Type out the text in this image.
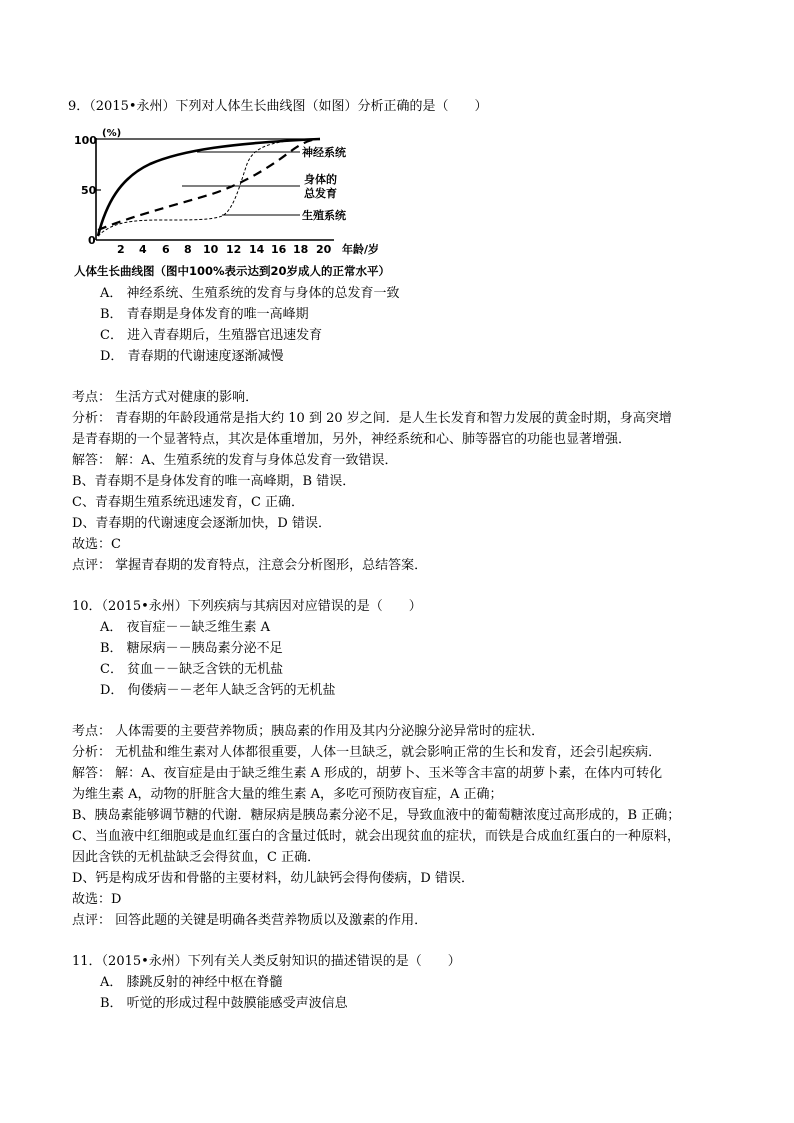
9．（2015•永州）下列对人体生长曲线图（如图）分析正确的是（　　）

100
50
0
(%)
2 4 6 8 10 12 14 16 18 20 年龄/岁
神经系统
身体的
总发育
生殖系统
人体生长曲线图（图中100%表示达到20岁成人的正常水平）

A． 神经系统、生殖系统的发育与身体的总发育一致

B． 青春期是身体发育的唯一高峰期

C． 进入青春期后，生殖器官迅速发育

D． 青春期的代谢速度逐渐减慢

考点： 生活方式对健康的影响．

分析： 青春期的年龄段通常是指大约 10 到 20 岁之间．是人生长发育和智力发展的黄金时期，身高突增

是青春期的一个显著特点，其次是体重增加，另外，神经系统和心、肺等器官的功能也显著增强．

解答： 解：A、生殖系统的发育与身体总发育一致错误．

B、青春期不是身体发育的唯一高峰期，B 错误．

C、青春期生殖系统迅速发育，C 正确．

D、青春期的代谢速度会逐渐加快，D 错误．

故选：C

点评： 掌握青春期的发育特点，注意会分析图形，总结答案．

10．（2015•永州）下列疾病与其病因对应错误的是（　　）

A． 夜盲症－－缺乏维生素 A

B． 糖尿病－－胰岛素分泌不足

C． 贫血－－缺乏含铁的无机盐

D． 佝偻病－－老年人缺乏含钙的无机盐

考点： 人体需要的主要营养物质；胰岛素的作用及其内分泌腺分泌异常时的症状．

分析： 无机盐和维生素对人体都很重要，人体一旦缺乏，就会影响正常的生长和发育，还会引起疾病．

解答： 解：A、夜盲症是由于缺乏维生素 A 形成的，胡萝卜、玉米等含丰富的胡萝卜素，在体内可转化

为维生素 A，动物的肝脏含大量的维生素 A，多吃可预防夜盲症，A 正确；

B、胰岛素能够调节糖的代谢．糖尿病是胰岛素分泌不足，导致血液中的葡萄糖浓度过高形成的，B 正确；

C、当血液中红细胞或是血红蛋白的含量过低时，就会出现贫血的症状，而铁是合成血红蛋白的一种原料，

因此含铁的无机盐缺乏会得贫血，C 正确．

D、钙是构成牙齿和骨骼的主要材料，幼儿缺钙会得佝偻病，D 错误．

故选：D

点评： 回答此题的关键是明确各类营养物质以及激素的作用．

11．（2015•永州）下列有关人类反射知识的描述错误的是（　　）

A． 膝跳反射的神经中枢在脊髓

B． 听觉的形成过程中鼓膜能感受声波信息
